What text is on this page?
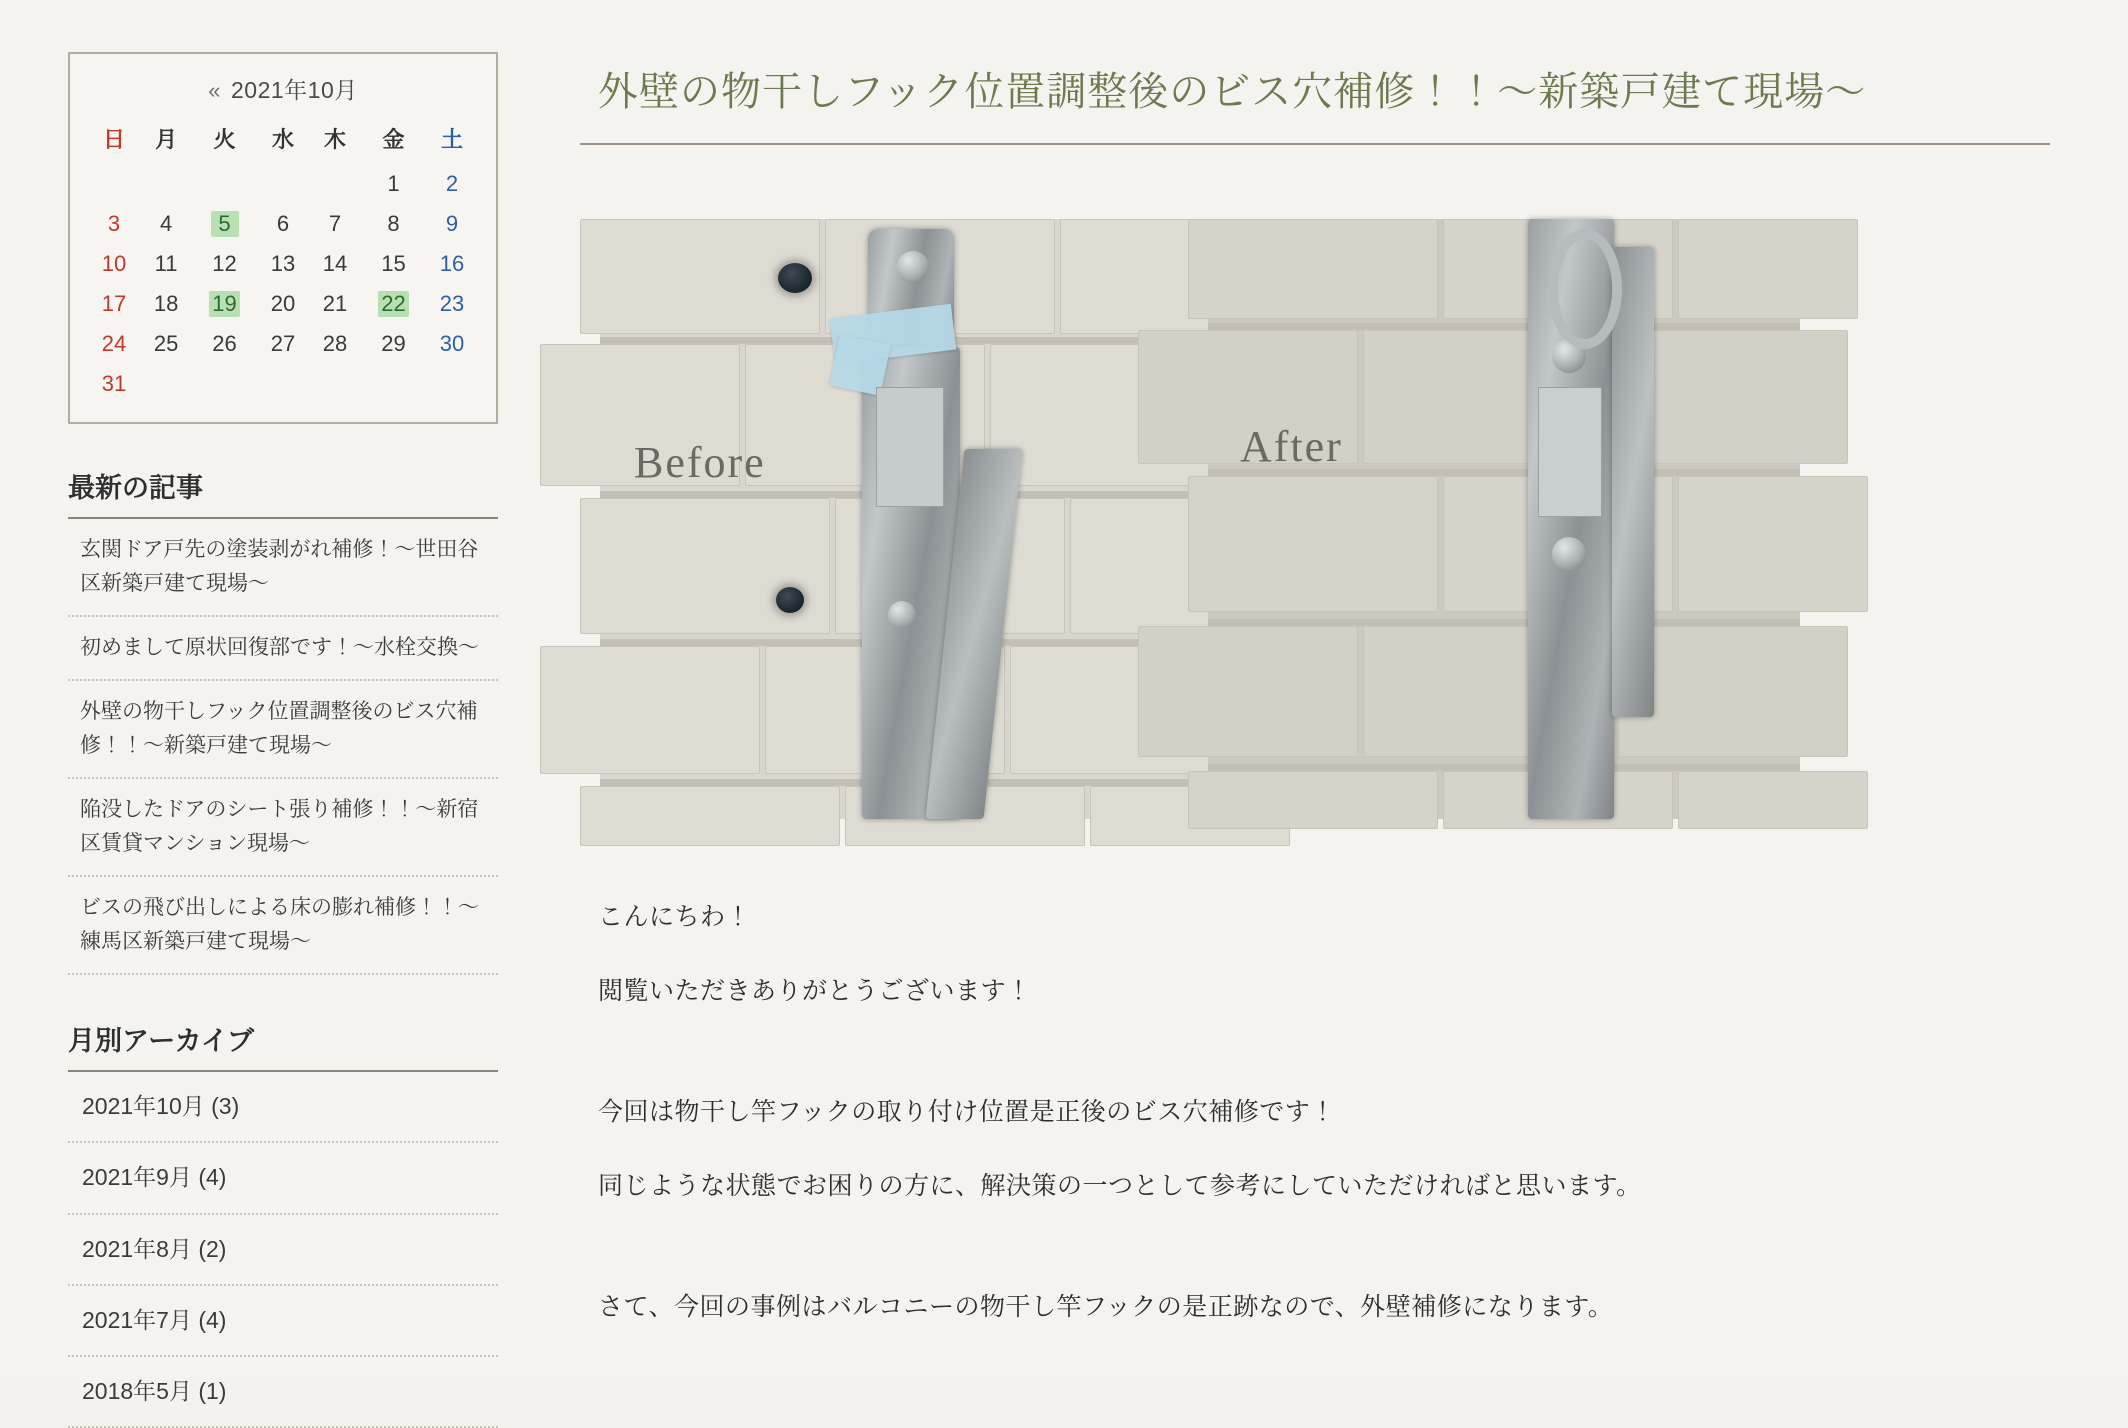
« 2021年10月
日	月	火	水	木	金	土
					1	2
3	4	5	6	7	8	9
10	11	12	13	14	15	16
17	18	19	20	21	22	23
24	25	26	27	28	29	30
31						
最新の記事
玄関ドア戸先の塗装剥がれ補修！〜世田谷区新築戸建て現場〜
初めまして原状回復部です！〜水栓交換〜
外壁の物干しフック位置調整後のビス穴補修！！〜新築戸建て現場〜
陥没したドアのシート張り補修！！〜新宿区賃貸マンション現場〜
ビスの飛び出しによる床の膨れ補修！！〜練馬区新築戸建て現場〜
月別アーカイブ
2021年10月 (3)
2021年9月 (4)
2021年8月 (2)
2021年7月 (4)
2018年5月 (1)
外壁の物干しフック位置調整後のビス穴補修！！〜新築戸建て現場〜
Before	After

こんにちわ！

閲覧いただきありがとうございます！

今回は物干し竿フックの取り付け位置是正後のビス穴補修です！

同じような状態でお困りの方に、解決策の一つとして参考にしていただければと思います。

さて、今回の事例はバルコニーの物干し竿フックの是正跡なので、外壁補修になります。
